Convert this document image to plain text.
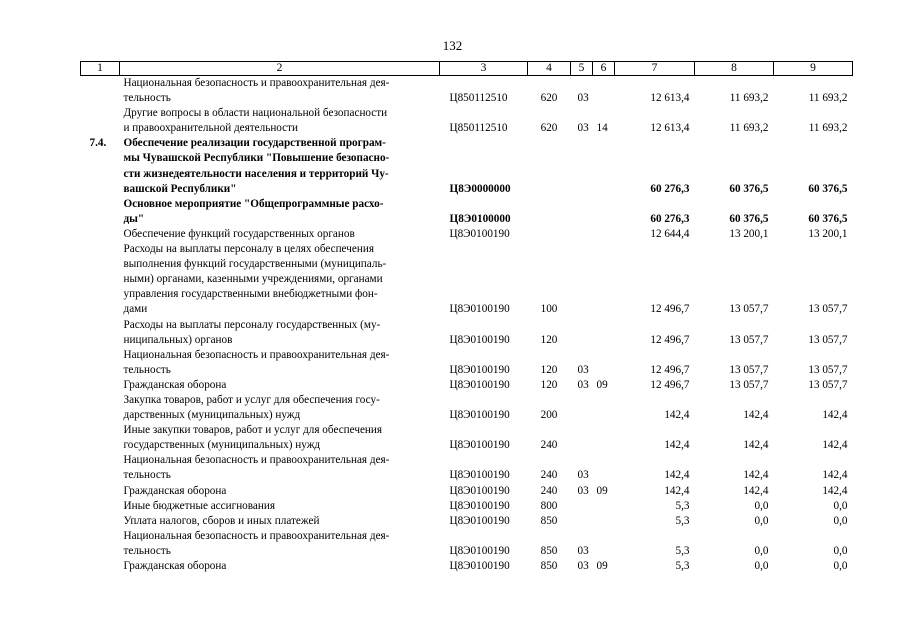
132
1	2	3	4	5	6	7	8	9

	Национальная безопасность и правоохранительная дея-
тельность	Ц850112510	620	03		12 613,4	11 693,2	11 693,2

	Другие вопросы в области национальной безопасности
и правоохранительной деятельности	Ц850112510	620	03	14	12 613,4	11 693,2	11 693,2
7.4.	Обеспечение реализации государственной програм-
мы Чувашской Республики "Повышение безопасно-
сти жизнедеятельности населения и территорий Чу-
вашской Республики"	Ц8Э0000000				60 276,3	60 376,5	60 376,5

	Основное мероприятие "Общепрограммные расхо-
ды"	Ц8Э0100000				60 276,3	60 376,5	60 376,5

	Обеспечение функций государственных органов	Ц8Э0100190				12 644,4	13 200,1	13 200,1

	Расходы на выплаты персоналу в целях обеспечения
выполнения функций государственными (муниципаль-
ными) органами, казенными учреждениями, органами
управления государственными внебюджетными фон-
дами	Ц8Э0100190	100			12 496,7	13 057,7	13 057,7

	Расходы на выплаты персоналу государственных (му-
ниципальных) органов	Ц8Э0100190	120			12 496,7	13 057,7	13 057,7

	Национальная безопасность и правоохранительная дея-
тельность	Ц8Э0100190	120	03		12 496,7	13 057,7	13 057,7

	Гражданская оборона	Ц8Э0100190	120	03	09	12 496,7	13 057,7	13 057,7

	Закупка товаров, работ и услуг для обеспечения госу-
дарственных (муниципальных) нужд	Ц8Э0100190	200			142,4	142,4	142,4

	Иные закупки товаров, работ и услуг для обеспечения
государственных (муниципальных) нужд	Ц8Э0100190	240			142,4	142,4	142,4

	Национальная безопасность и правоохранительная дея-
тельность	Ц8Э0100190	240	03		142,4	142,4	142,4

	Гражданская оборона	Ц8Э0100190	240	03	09	142,4	142,4	142,4

	Иные бюджетные ассигнования	Ц8Э0100190	800			5,3	0,0	0,0

	Уплата налогов, сборов и иных платежей	Ц8Э0100190	850			5,3	0,0	0,0

	Национальная безопасность и правоохранительная дея-
тельность	Ц8Э0100190	850	03		5,3	0,0	0,0

	Гражданская оборона	Ц8Э0100190	850	03	09	5,3	0,0	0,0
